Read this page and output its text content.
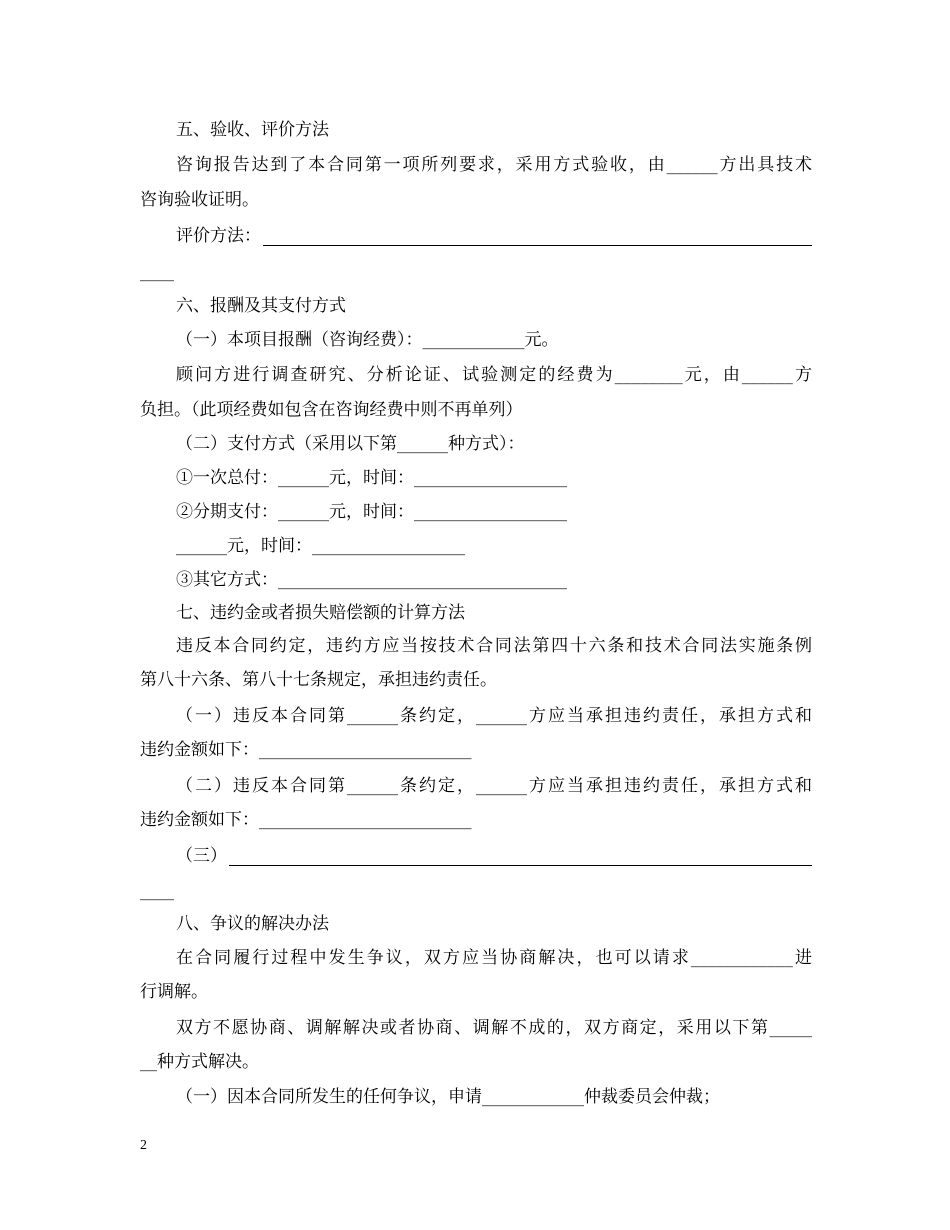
五、验收、评价方法
咨询报告达到了本合同第一项所列要求，采用方式验收，由______方出具技术
咨询验收证明。
评价方法：
____
六、报酬及其支付方式
（一）本项目报酬（咨询经费）：____________元。
顾问方进行调查研究、分析论证、试验测定的经费为________元，由______方
负担。（此项经费如包含在咨询经费中则不再单列）
（二）支付方式（采用以下第______种方式）：
①一次总付：______元，时间：__________________
②分期支付：______元，时间：__________________
______元，时间：__________________
③其它方式：__________________________________
七、违约金或者损失赔偿额的计算方法
违反本合同约定，违约方应当按技术合同法第四十六条和技术合同法实施条例
第八十六条、第八十七条规定，承担违约责任。
（一）违反本合同第______条约定，______方应当承担违约责任，承担方式和
违约金额如下：_________________________
（二）违反本合同第______条约定，______方应当承担违约责任，承担方式和
违约金额如下：_________________________
（三）
____
八、争议的解决办法
在合同履行过程中发生争议，双方应当协商解决，也可以请求____________进
行调解。
双方不愿协商、调解解决或者协商、调解不成的，双方商定，采用以下第_____
__种方式解决。
（一）因本合同所发生的任何争议，申请____________仲裁委员会仲裁；
2
